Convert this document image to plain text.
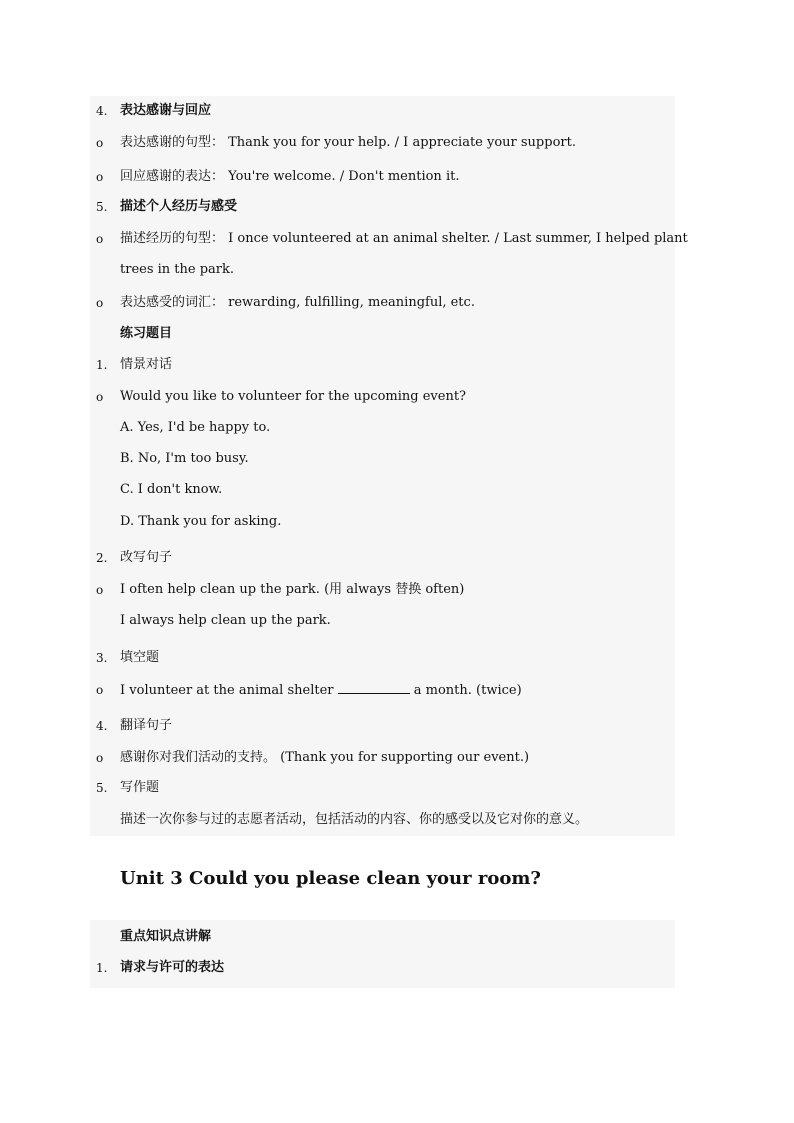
4. 表达感谢与回应
o 表达感谢的句型： Thank you for your help. / I appreciate your support.
o 回应感谢的表达： You're welcome. / Don't mention it.
5. 描述个人经历与感受
o 描述经历的句型： I once volunteered at an animal shelter. / Last summer, I helped plant
trees in the park.
o 表达感受的词汇： rewarding, fulfilling, meaningful, etc.
练习题目
1. 情景对话
o Would you like to volunteer for the upcoming event?
A. Yes, I'd be happy to.
B. No, I'm too busy.
C. I don't know.
D. Thank you for asking.
2. 改写句子
o I often help clean up the park. (用 always 替换 often)
I always help clean up the park.
3. 填空题
o I volunteer at the animal shelter	a month. (twice)
4. 翻译句子
o 感谢你对我们活动的支持。 (Thank you for supporting our event.)
5. 写作题
描述一次你参与过的志愿者活动，包括活动的内容、你的感受以及它对你的意义。
Unit 3 Could you please clean your room?
重点知识点讲解
1. 请求与许可的表达
